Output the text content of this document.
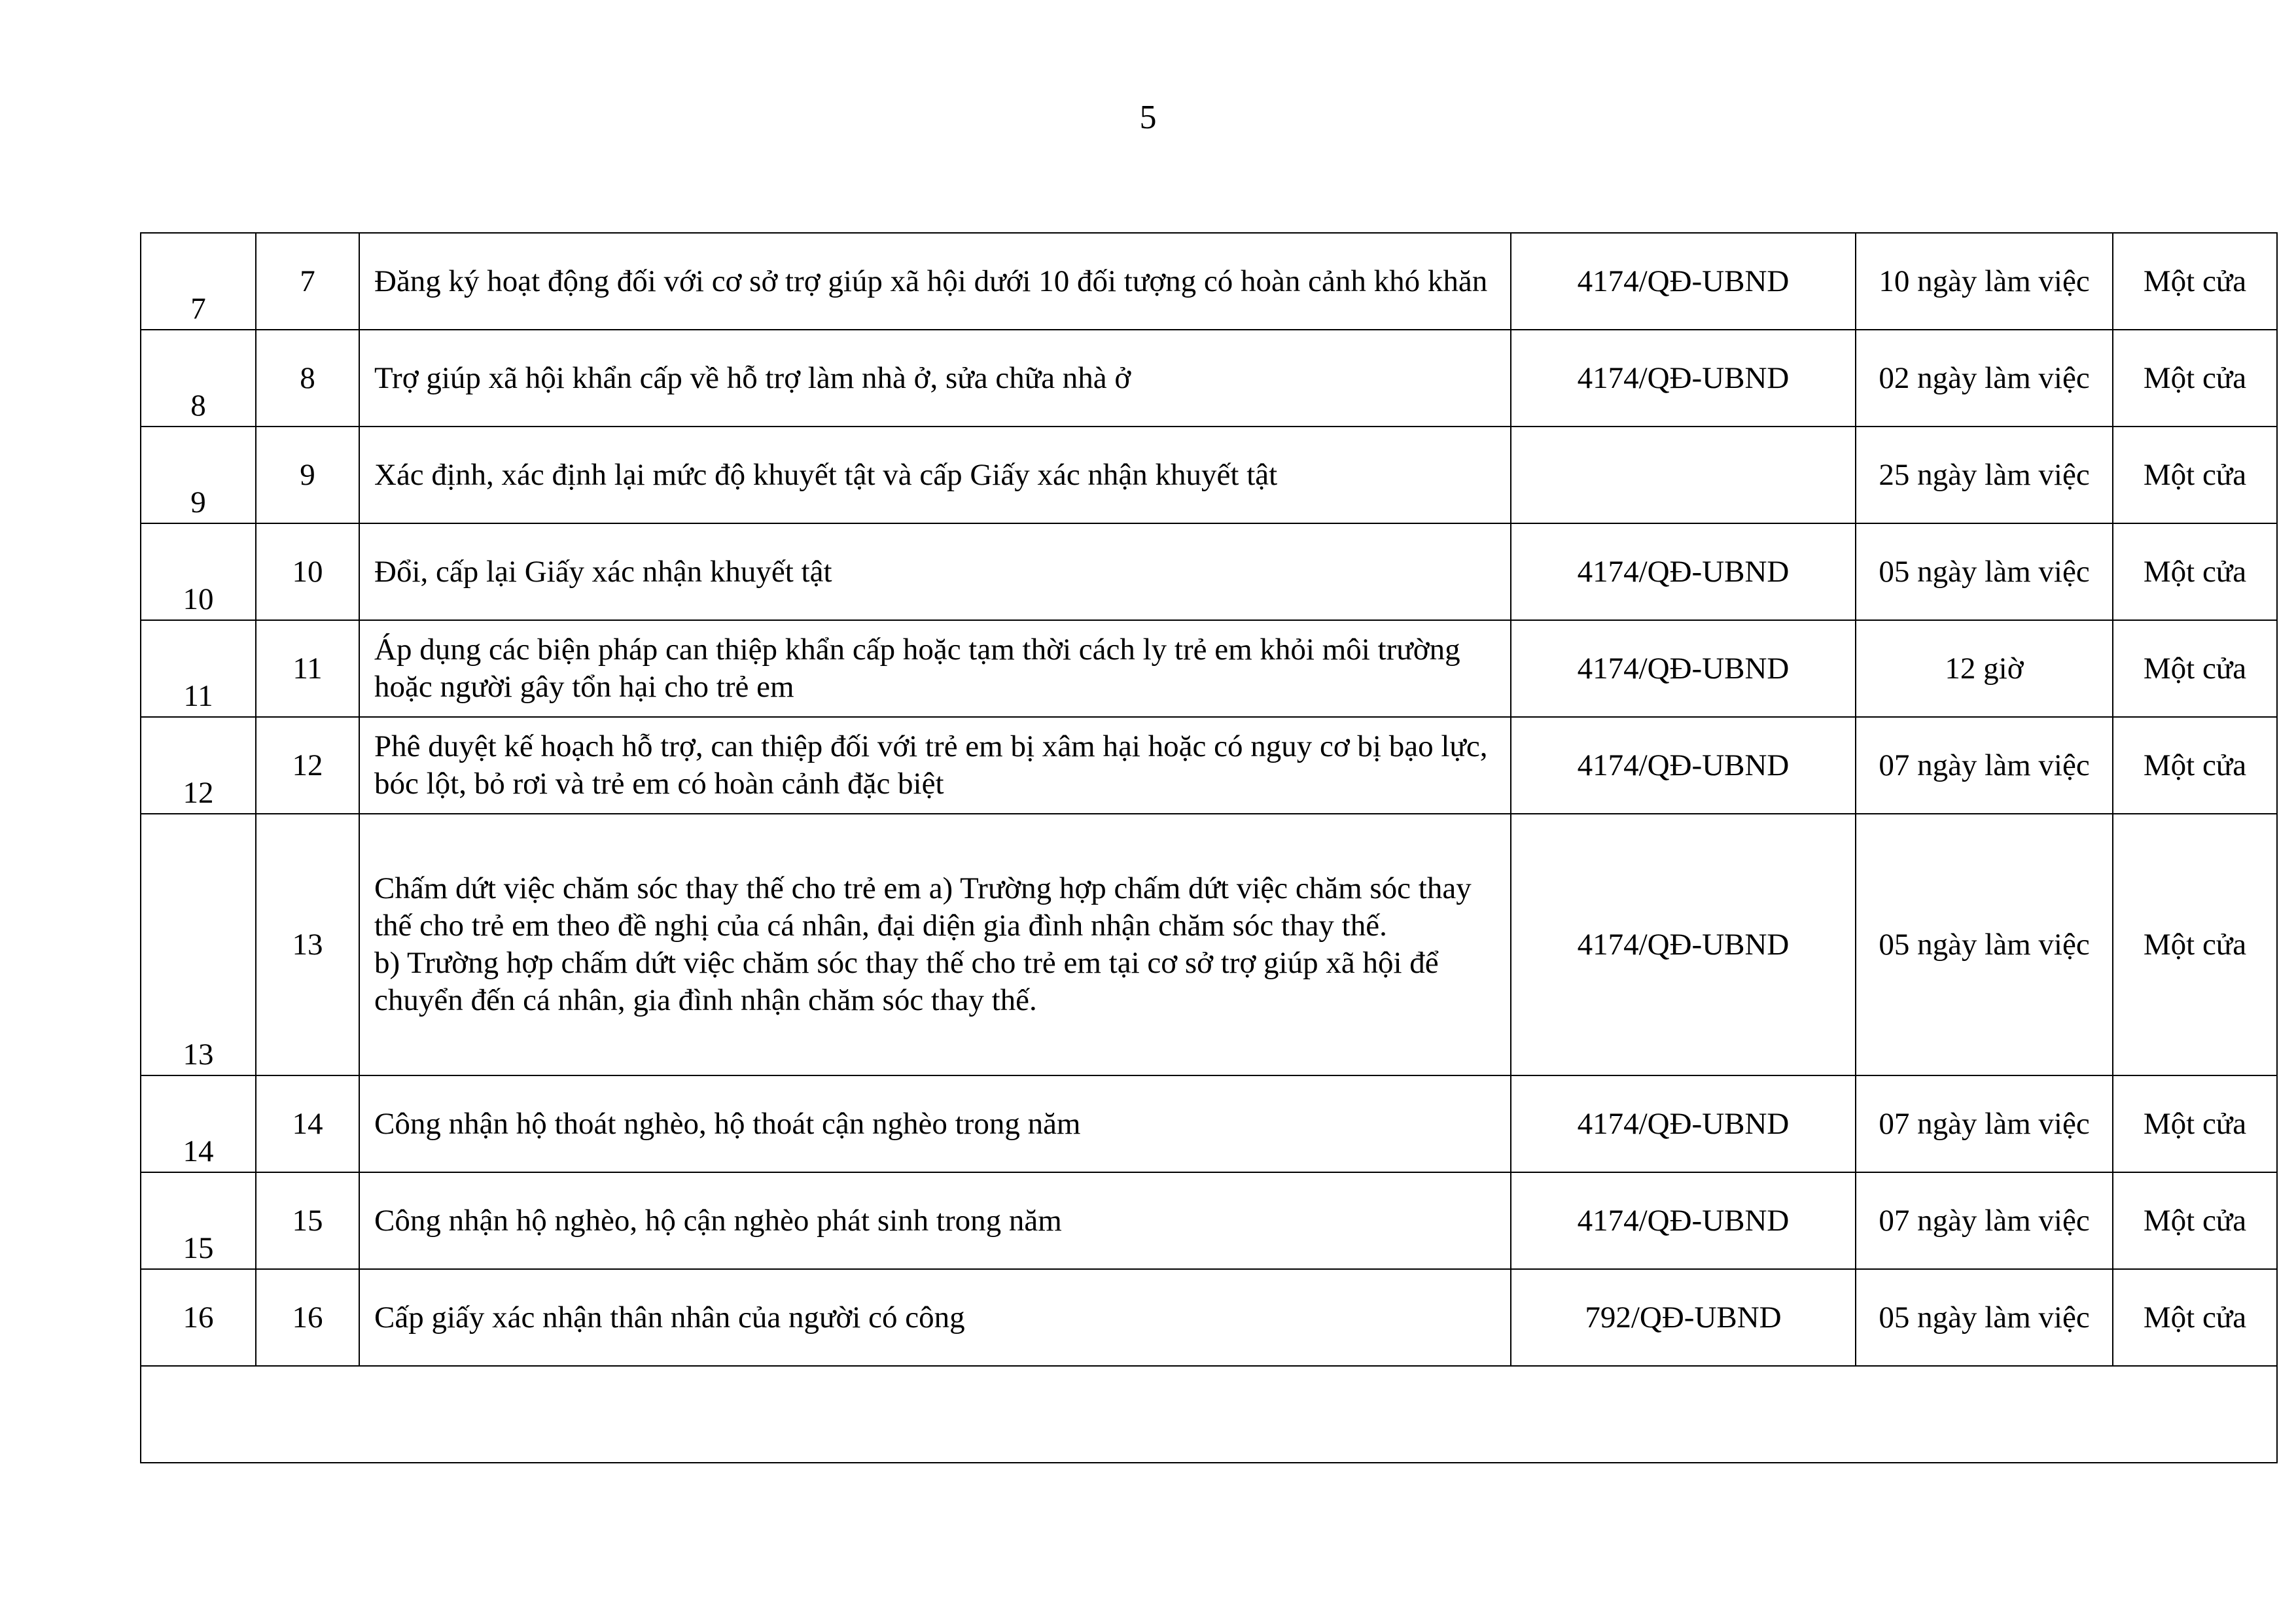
5
7	7	Đăng ký hoạt động đối với cơ sở trợ giúp xã hội dưới 10 đối tượng có hoàn cảnh khó khăn	4174/QĐ-UBND	10 ngày làm việc	Một cửa
8	8	Trợ giúp xã hội khẩn cấp về hỗ trợ làm nhà ở, sửa chữa nhà ở	4174/QĐ-UBND	02 ngày làm việc	Một cửa
9	9	Xác định, xác định lại mức độ khuyết tật và cấp Giấy xác nhận khuyết tật		25 ngày làm việc	Một cửa
10	10	Đổi, cấp lại Giấy xác nhận khuyết tật	4174/QĐ-UBND	05 ngày làm việc	Một cửa
11	11	Áp dụng các biện pháp can thiệp khẩn cấp hoặc tạm thời cách ly trẻ em khỏi môi trường hoặc người gây tổn hại cho trẻ em	4174/QĐ-UBND	12 giờ	Một cửa
12	12	Phê duyệt kế hoạch hỗ trợ, can thiệp đối với trẻ em bị xâm hại hoặc có nguy cơ bị bạo lực, bóc lột, bỏ rơi và trẻ em có hoàn cảnh đặc biệt	4174/QĐ-UBND	07 ngày làm việc	Một cửa
13	13	Chấm dứt việc chăm sóc thay thế cho trẻ em a) Trường hợp chấm dứt việc chăm sóc thay thế cho trẻ em theo đề nghị của cá nhân, đại diện gia đình nhận chăm sóc thay thế.
b) Trường hợp chấm dứt việc chăm sóc thay thế cho trẻ em tại cơ sở trợ giúp xã hội để chuyển đến cá nhân, gia đình nhận chăm sóc thay thế.	4174/QĐ-UBND	05 ngày làm việc	Một cửa
14	14	Công nhận hộ thoát nghèo, hộ thoát cận nghèo trong năm	4174/QĐ-UBND	07 ngày làm việc	Một cửa
15	15	Công nhận hộ nghèo, hộ cận nghèo phát sinh trong năm	4174/QĐ-UBND	07 ngày làm việc	Một cửa
16	16	Cấp giấy xác nhận thân nhân của người có công	792/QĐ-UBND	05 ngày làm việc	Một cửa
